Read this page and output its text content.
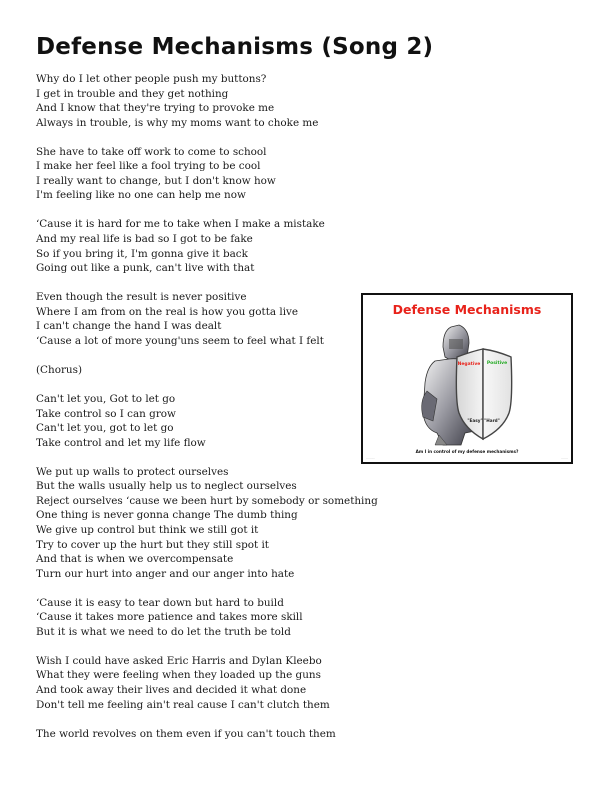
Defense Mechanisms (Song 2)
Why do I let other people push my buttons?
I get in trouble and they get nothing
And I know that they're trying to provoke me
Always in trouble, is why my moms want to choke me
She have to take off work to come to school
I make her feel like a fool trying to be cool
I really want to change, but I don't know how
I'm feeling like no one can help me now
‘Cause it is hard for me to take when I make a mistake
And my real life is bad so I got to be fake
So if you bring it, I'm gonna give it back
Going out like a punk, can't live with that
Even though the result is never positive
Where I am from on the real is how you gotta live
I can't change the hand I was dealt
‘Cause a lot of more young'uns seem to feel what I felt
(Chorus)
Can't let you, Got to let go
Take control so I can grow
Can't let you, got to let go
Take control and let my life flow
We put up walls to protect ourselves
But the walls usually help us to neglect ourselves
Reject ourselves ‘cause we been hurt by somebody or something
One thing is never gonna change The dumb thing
We give up control but think we still got it
Try to cover up the hurt but they still spot it
And that is when we overcompensate
Turn our hurt into anger and our anger into hate
‘Cause it is easy to tear down but hard to build
‘Cause it takes more patience and takes more skill
But it is what we need to do let the truth be told
Wish I could have asked Eric Harris and Dylan Kleebo
What they were feeling when they loaded up the guns
And took away their lives and decided it what done
Don't tell me feeling ain't real cause I can't clutch them
The world revolves on them even if you can't touch them
Defense Mechanisms
Negative Positive
"Easy" "Hard"
Am I in control of my defense mechanisms?
·········	·······
